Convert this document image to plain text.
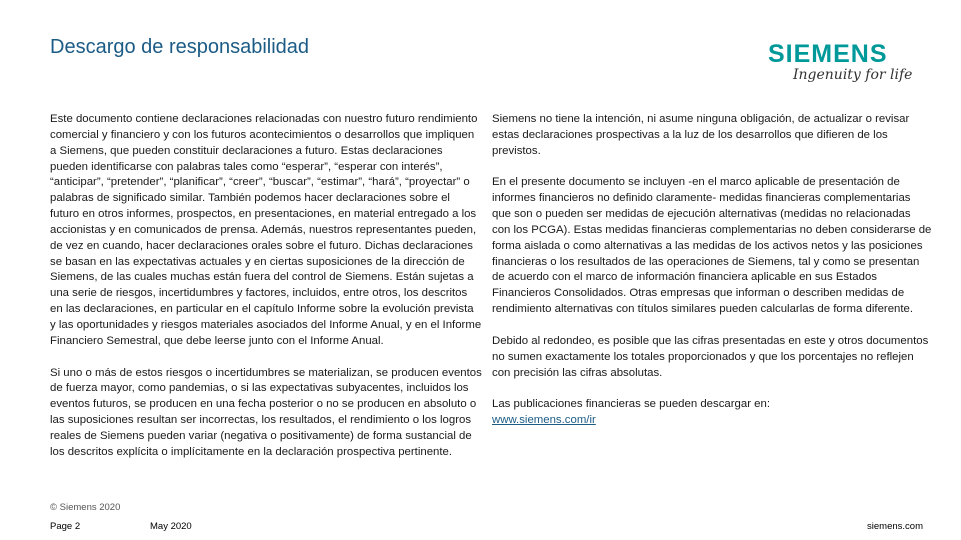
Descargo de responsabilidad	SIEMENS
Ingenuity for life

Este documento contiene declaraciones relacionadas con nuestro futuro rendimiento comercial y financiero y con los futuros acontecimientos o desarrollos que impliquen a Siemens, que pueden constituir declaraciones a futuro. Estas declaraciones pueden identificarse con palabras tales como “esperar”, “esperar con interés”, “anticipar”, “pretender”, “planificar”, “creer”, “buscar”, “estimar”, “hará”, “proyectar” o palabras de significado similar. También podemos hacer declaraciones sobre el futuro en otros informes, prospectos, en presentaciones, en material entregado a los accionistas y en comunicados de prensa. Además, nuestros representantes pueden, de vez en cuando, hacer declaraciones orales sobre el futuro. Dichas declaraciones se basan en las expectativas actuales y en ciertas suposiciones de la dirección de Siemens, de las cuales muchas están fuera del control de Siemens. Están sujetas a una serie de riesgos, incertidumbres y factores, incluidos, entre otros, los descritos en las declaraciones, en particular en el capítulo Informe sobre la evolución prevista y las oportunidades y riesgos materiales asociados del Informe Anual, y en el Informe Financiero Semestral, que debe leerse junto con el Informe Anual.

Si uno o más de estos riesgos o incertidumbres se materializan, se producen eventos de fuerza mayor, como pandemias, o si las expectativas subyacentes, incluidos los eventos futuros, se producen en una fecha posterior o no se producen en absoluto o las suposiciones resultan ser incorrectas, los resultados, el rendimiento o los logros reales de Siemens pueden variar (negativa o positivamente) de forma sustancial de los descritos explícita o implícitamente en la declaración prospectiva pertinente.

Siemens no tiene la intención, ni asume ninguna obligación, de actualizar o revisar estas declaraciones prospectivas a la luz de los desarrollos que difieren de los previstos.

En el presente documento se incluyen -en el marco aplicable de presentación de informes financieros no definido claramente- medidas financieras complementarias que son o pueden ser medidas de ejecución alternativas (medidas no relacionadas con los PCGA). Estas medidas financieras complementarias no deben considerarse de forma aislada o como alternativas a las medidas de los activos netos y las posiciones financieras o los resultados de las operaciones de Siemens, tal y como se presentan de acuerdo con el marco de información financiera aplicable en sus Estados Financieros Consolidados. Otras empresas que informan o describen medidas de rendimiento alternativas con títulos similares pueden calcularlas de forma diferente.

Debido al redondeo, es posible que las cifras presentadas en este y otros documentos no sumen exactamente los totales proporcionados y que los porcentajes no reflejen con precisión las cifras absolutas.

Las publicaciones financieras se pueden descargar en:

www.siemens.com/ir

© Siemens 2020
Page 2	May 2020	siemens.com
